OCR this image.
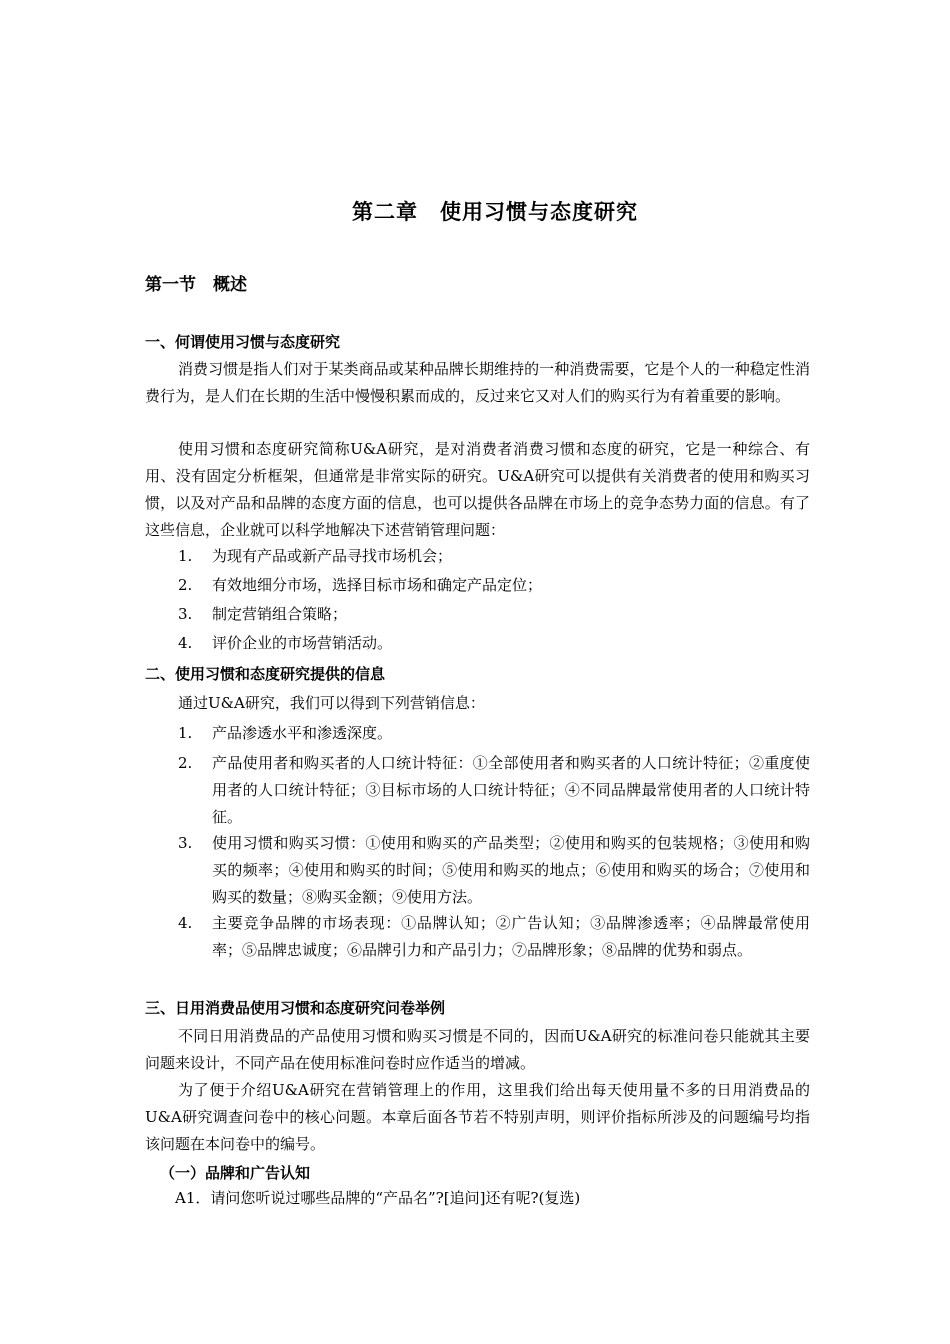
第二章　使用习惯与态度研究
第一节　概述
一、何谓使用习惯与态度研究

消费习惯是指人们对于某类商品或某种品牌长期维持的一种消费需要，它是个人的一种稳定性消费行为，是人们在长期的生活中慢慢积累而成的，反过来它又对人们的购买行为有着重要的影响。

使用习惯和态度研究简称U&A研究，是对消费者消费习惯和态度的研究，它是一种综合、有用、没有固定分析框架，但通常是非常实际的研究。U&A研究可以提供有关消费者的使用和购买习惯，以及对产品和品牌的态度方面的信息，也可以提供各品牌在市场上的竞争态势力面的信息。有了这些信息，企业就可以科学地解决下述营销管理问题：

1. 为现有产品或新产品寻找市场机会；
2. 有效地细分市场，选择目标市场和确定产品定位；
3. 制定营销组合策略；
4. 评价企业的市场营销活动。
二、使用习惯和态度研究提供的信息
通过U&A研究，我们可以得到下列营销信息：
1. 产品渗透水平和渗透深度。
2. 产品使用者和购买者的人口统计特征：①全部使用者和购买者的人口统计特征；②重度使用者的人口统计特征；③目标市场的人口统计特征；④不同品牌最常使用者的人口统计特征。
3. 使用习惯和购买习惯：①使用和购买的产品类型；②使用和购买的包装规格；③使用和购买的频率；④使用和购买的时间；⑤使用和购买的地点；⑥使用和购买的场合；⑦使用和购买的数量；⑧购买金额；⑨使用方法。
4. 主要竞争品牌的市场表现：①品牌认知；②广告认知；③品牌渗透率；④品牌最常使用率；⑤品牌忠诚度；⑥品牌引力和产品引力；⑦品牌形象；⑧品牌的优势和弱点。
三、日用消费品使用习惯和态度研究问卷举例

不同日用消费品的产品使用习惯和购买习惯是不同的，因而U&A研究的标准问卷只能就其主要问题来设计，不同产品在使用标准问卷时应作适当的增减。

为了便于介绍U&A研究在营销管理上的作用，这里我们给出每天使用量不多的日用消费品的U&A研究调查问卷中的核心问题。本章后面各节若不特别声明，则评价指标所涉及的问题编号均指该问题在本问卷中的编号。

（一）品牌和广告认知
A1．请问您听说过哪些品牌的“产品名”?[追问]还有呢?(复选)
